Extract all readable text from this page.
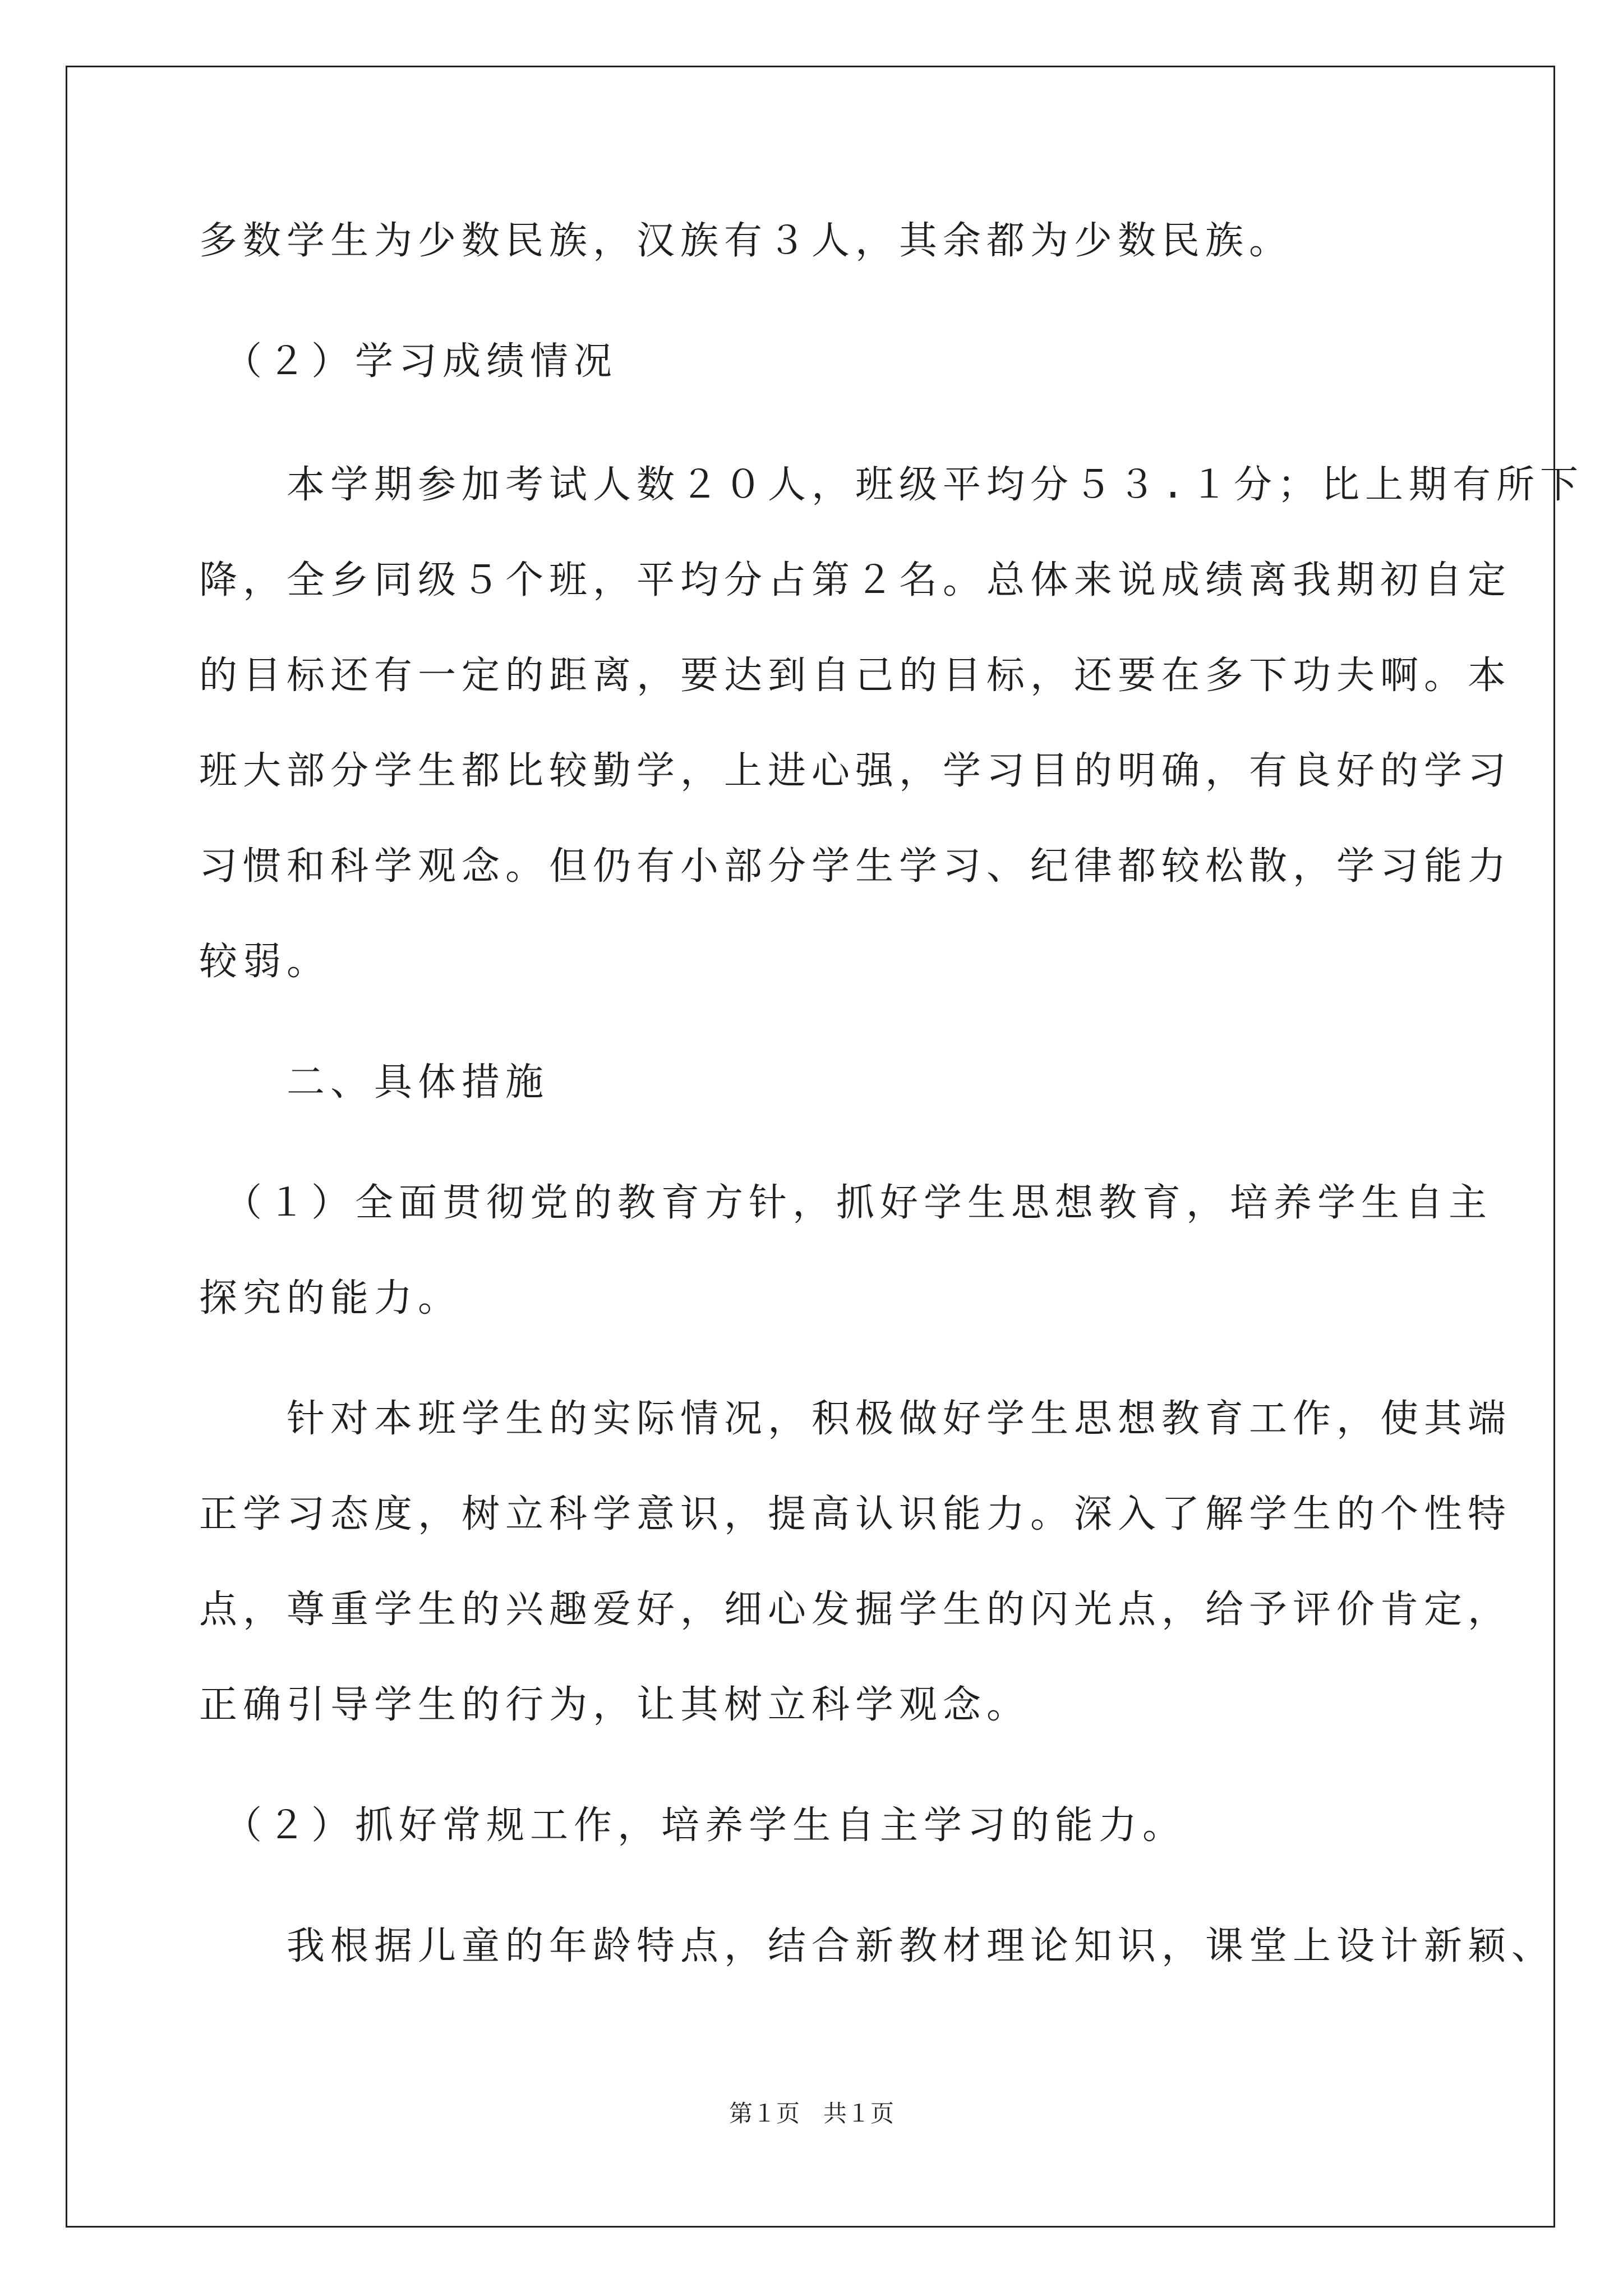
多数学生为少数民族，汉族有３人，其余都为少数民族。
　（２）学习成绩情况
　　本学期参加考试人数２０人，班级平均分５３.１分；比上期有所下
降，全乡同级５个班，平均分占第２名。总体来说成绩离我期初自定
的目标还有一定的距离，要达到自己的目标，还要在多下功夫啊。本
班大部分学生都比较勤学，上进心强，学习目的明确，有良好的学习
习惯和科学观念。但仍有小部分学生学习、纪律都较松散，学习能力
较弱。
　　二、具体措施
　（１）全面贯彻党的教育方针，抓好学生思想教育，培养学生自主
探究的能力。
　　针对本班学生的实际情况，积极做好学生思想教育工作，使其端
正学习态度，树立科学意识，提高认识能力。深入了解学生的个性特
点，尊重学生的兴趣爱好，细心发掘学生的闪光点，给予评价肯定，
正确引导学生的行为，让其树立科学观念。
　（２）抓好常规工作，培养学生自主学习的能力。
　　我根据儿童的年龄特点，结合新教材理论知识，课堂上设计新颖、
第１页　共１页
